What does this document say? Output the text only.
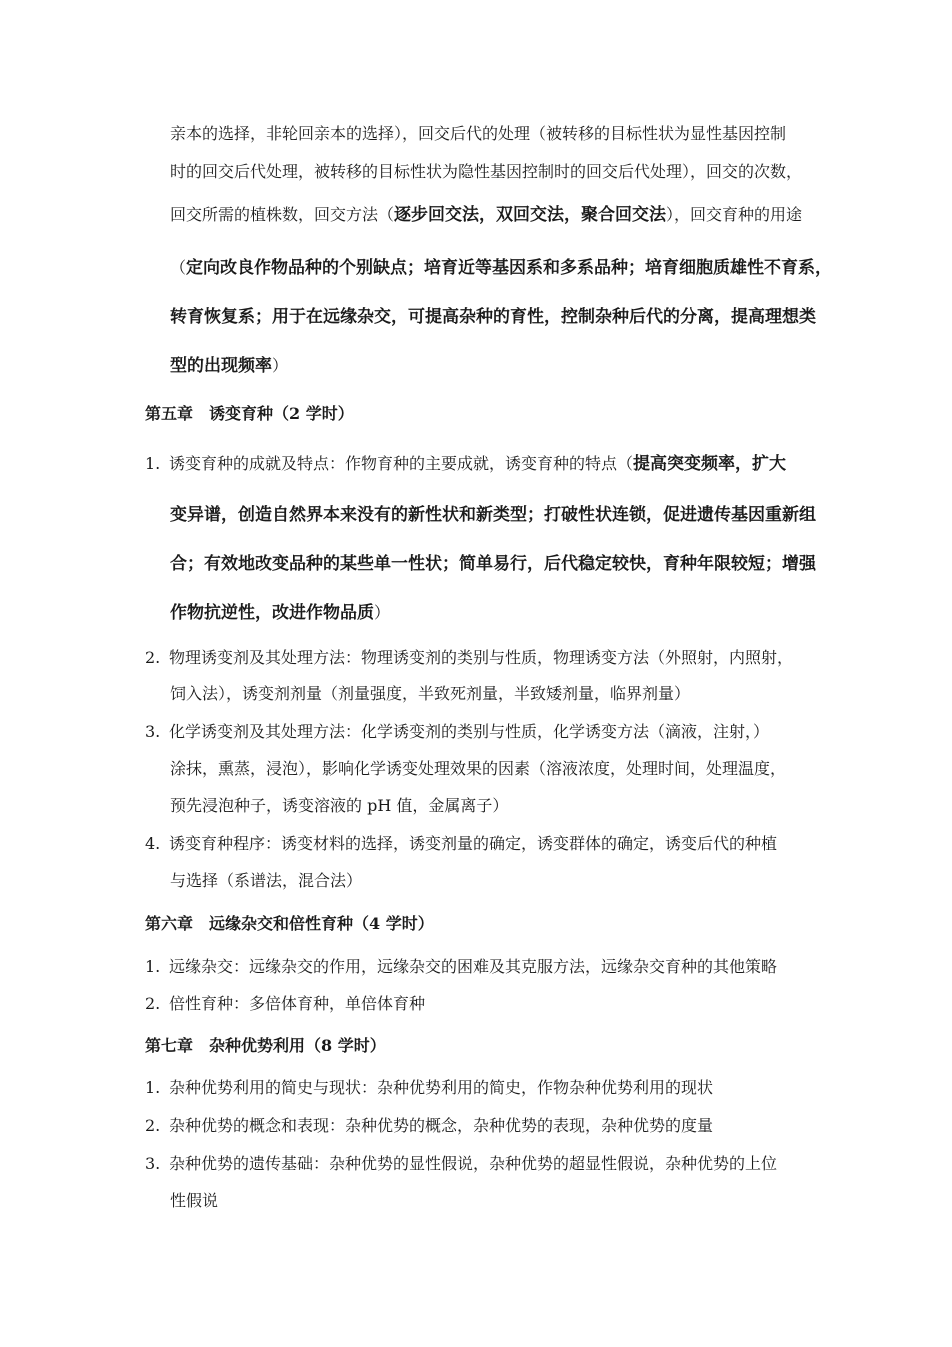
亲本的选择，非轮回亲本的选择），回交后代的处理（被转移的目标性状为显性基因控制
时的回交后代处理，被转移的目标性状为隐性基因控制时的回交后代处理），回交的次数，
回交所需的植株数，回交方法（逐步回交法，双回交法，聚合回交法），回交育种的用途
（定向改良作物品种的个别缺点；培育近等基因系和多系品种；培育细胞质雄性不育系，
转育恢复系；用于在远缘杂交，可提高杂种的育性，控制杂种后代的分离，提高理想类
型的出现频率）
第五章　诱变育种（2 学时）
1. 诱变育种的成就及特点：作物育种的主要成就，诱变育种的特点（提高突变频率，扩大
变异谱，创造自然界本来没有的新性状和新类型；打破性状连锁，促进遗传基因重新组
合；有效地改变品种的某些单一性状；简单易行，后代稳定较快，育种年限较短；增强
作物抗逆性，改进作物品质）
2. 物理诱变剂及其处理方法：物理诱变剂的类别与性质，物理诱变方法（外照射，内照射，
饲入法），诱变剂剂量（剂量强度，半致死剂量，半致矮剂量，临界剂量）
3. 化学诱变剂及其处理方法：化学诱变剂的类别与性质，化学诱变方法（滴液，注射，）
涂抹，熏蒸，浸泡），影响化学诱变处理效果的因素（溶液浓度，处理时间，处理温度，
预先浸泡种子，诱变溶液的 pH 值，金属离子）
4. 诱变育种程序：诱变材料的选择，诱变剂量的确定，诱变群体的确定，诱变后代的种植
与选择（系谱法，混合法）
第六章　远缘杂交和倍性育种（4 学时）
1. 远缘杂交：远缘杂交的作用，远缘杂交的困难及其克服方法，远缘杂交育种的其他策略
2. 倍性育种：多倍体育种，单倍体育种
第七章　杂种优势利用（8 学时）
1. 杂种优势利用的简史与现状：杂种优势利用的简史，作物杂种优势利用的现状
2. 杂种优势的概念和表现：杂种优势的概念，杂种优势的表现，杂种优势的度量
3. 杂种优势的遗传基础：杂种优势的显性假说，杂种优势的超显性假说，杂种优势的上位
性假说
